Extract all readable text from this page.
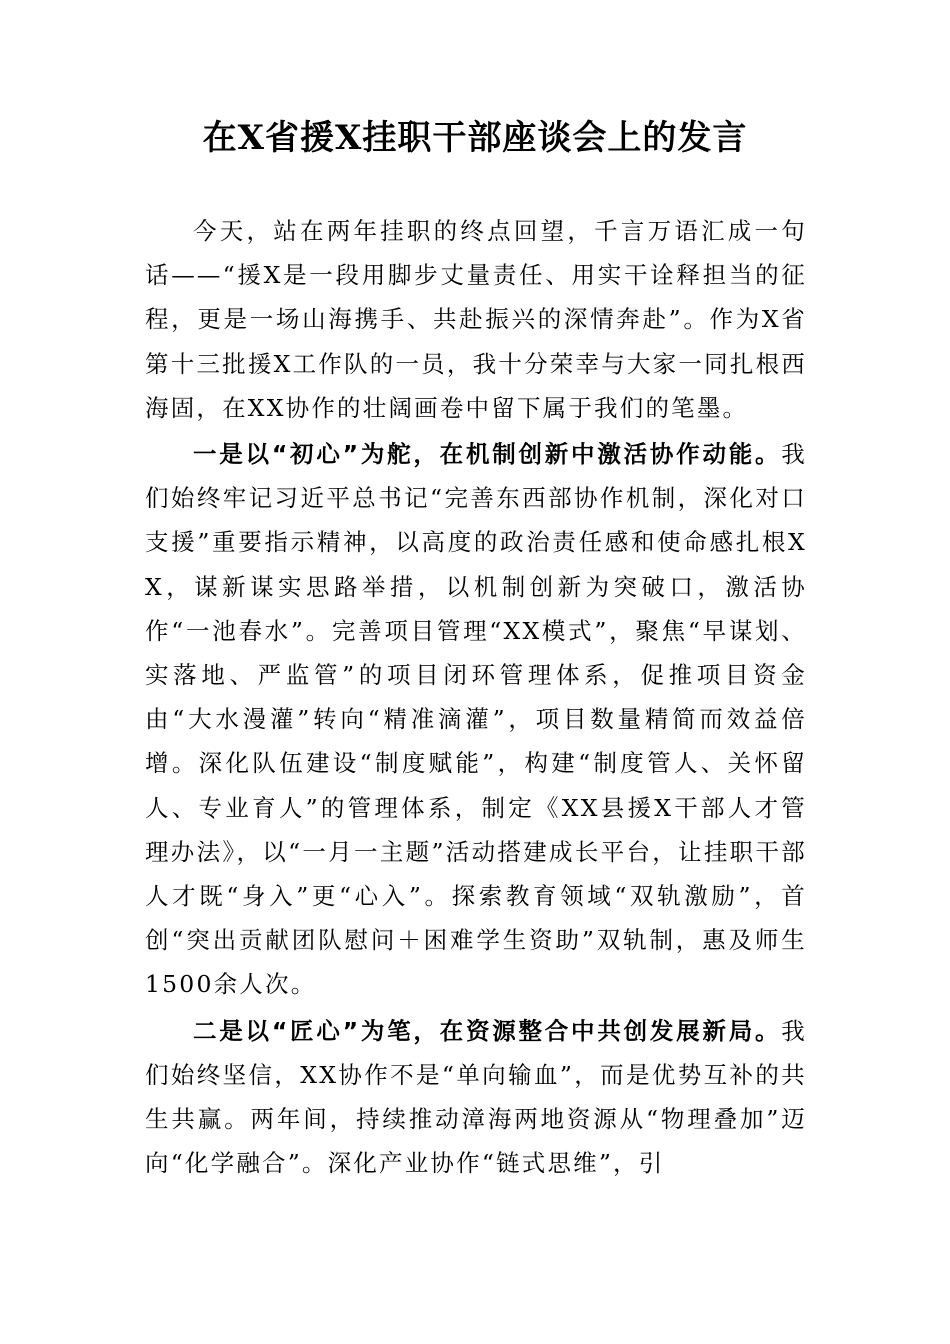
在X省援X挂职干部座谈会上的发言

今天，站在两年挂职的终点回望，千言万语汇成一句话——“援X是一段用脚步丈量责任、用实干诠释担当的征程，更是一场山海携手、共赴振兴的深情奔赴”。作为X省第十三批援X工作队的一员，我十分荣幸与大家一同扎根西海固，在XX协作的壮阔画卷中留下属于我们的笔墨。

一是以“初心”为舵，在机制创新中激活协作动能。我们始终牢记习近平总书记“完善东西部协作机制，深化对口支援”重要指示精神，以高度的政治责任感和使命感扎根XX，谋新谋实思路举措，以机制创新为突破口，激活协作“一池春水”。完善项目管理“XX模式”，聚焦“早谋划、实落地、严监管”的项目闭环管理体系，促推项目资金由“大水漫灌”转向“精准滴灌”，项目数量精简而效益倍增。深化队伍建设“制度赋能”，构建“制度管人、关怀留人、专业育人”的管理体系，制定《XX县援X干部人才管理办法》，以“一月一主题”活动搭建成长平台，让挂职干部人才既“身入”更“心入”。探索教育领域“双轨激励”，首创“突出贡献团队慰问＋困难学生资助”双轨制，惠及师生1500余人次。

二是以“匠心”为笔，在资源整合中共创发展新局。我们始终坚信，XX协作不是“单向输血”，而是优势互补的共生共赢。两年间，持续推动漳海两地资源从“物理叠加”迈向“化学融合”。深化产业协作“链式思维”，引
